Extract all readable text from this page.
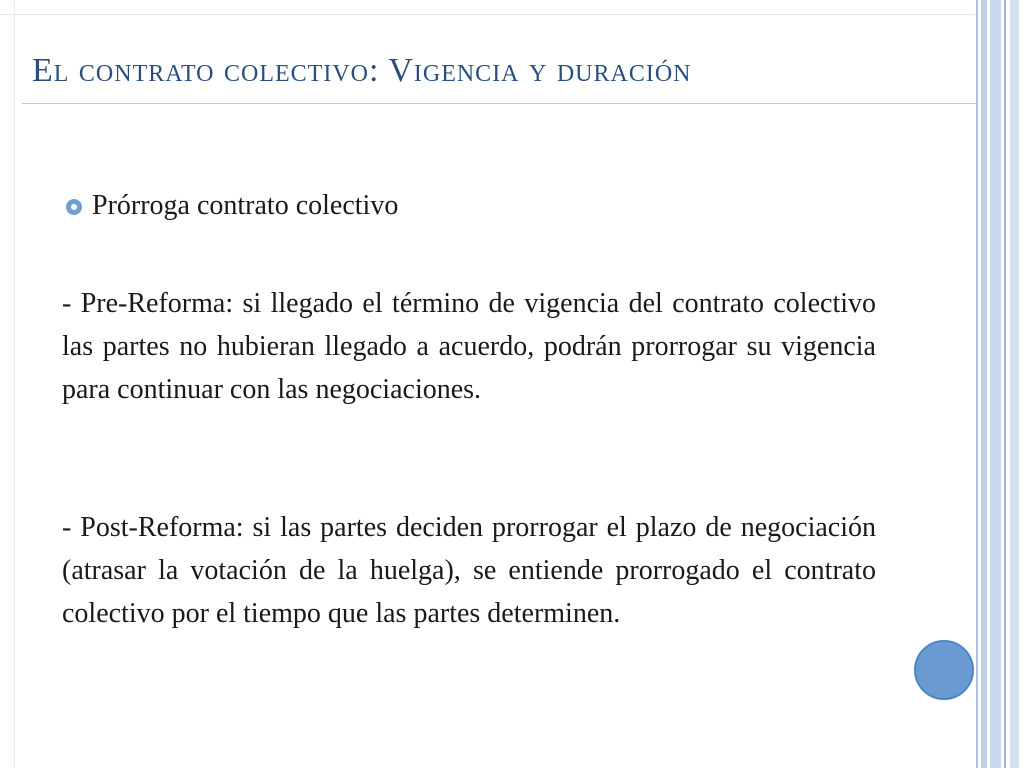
El contrato colectivo: Vigencia y duración
Prórroga contrato colectivo
- Pre-Reforma: si llegado el término de vigencia del contrato colectivo las partes no hubieran llegado a acuerdo, podrán prorrogar su vigencia para continuar con las negociaciones.
- Post-Reforma: si las partes deciden prorrogar el plazo de negociación (atrasar la votación de la huelga), se entiende prorrogado el contrato colectivo por el tiempo que las partes determinen.
